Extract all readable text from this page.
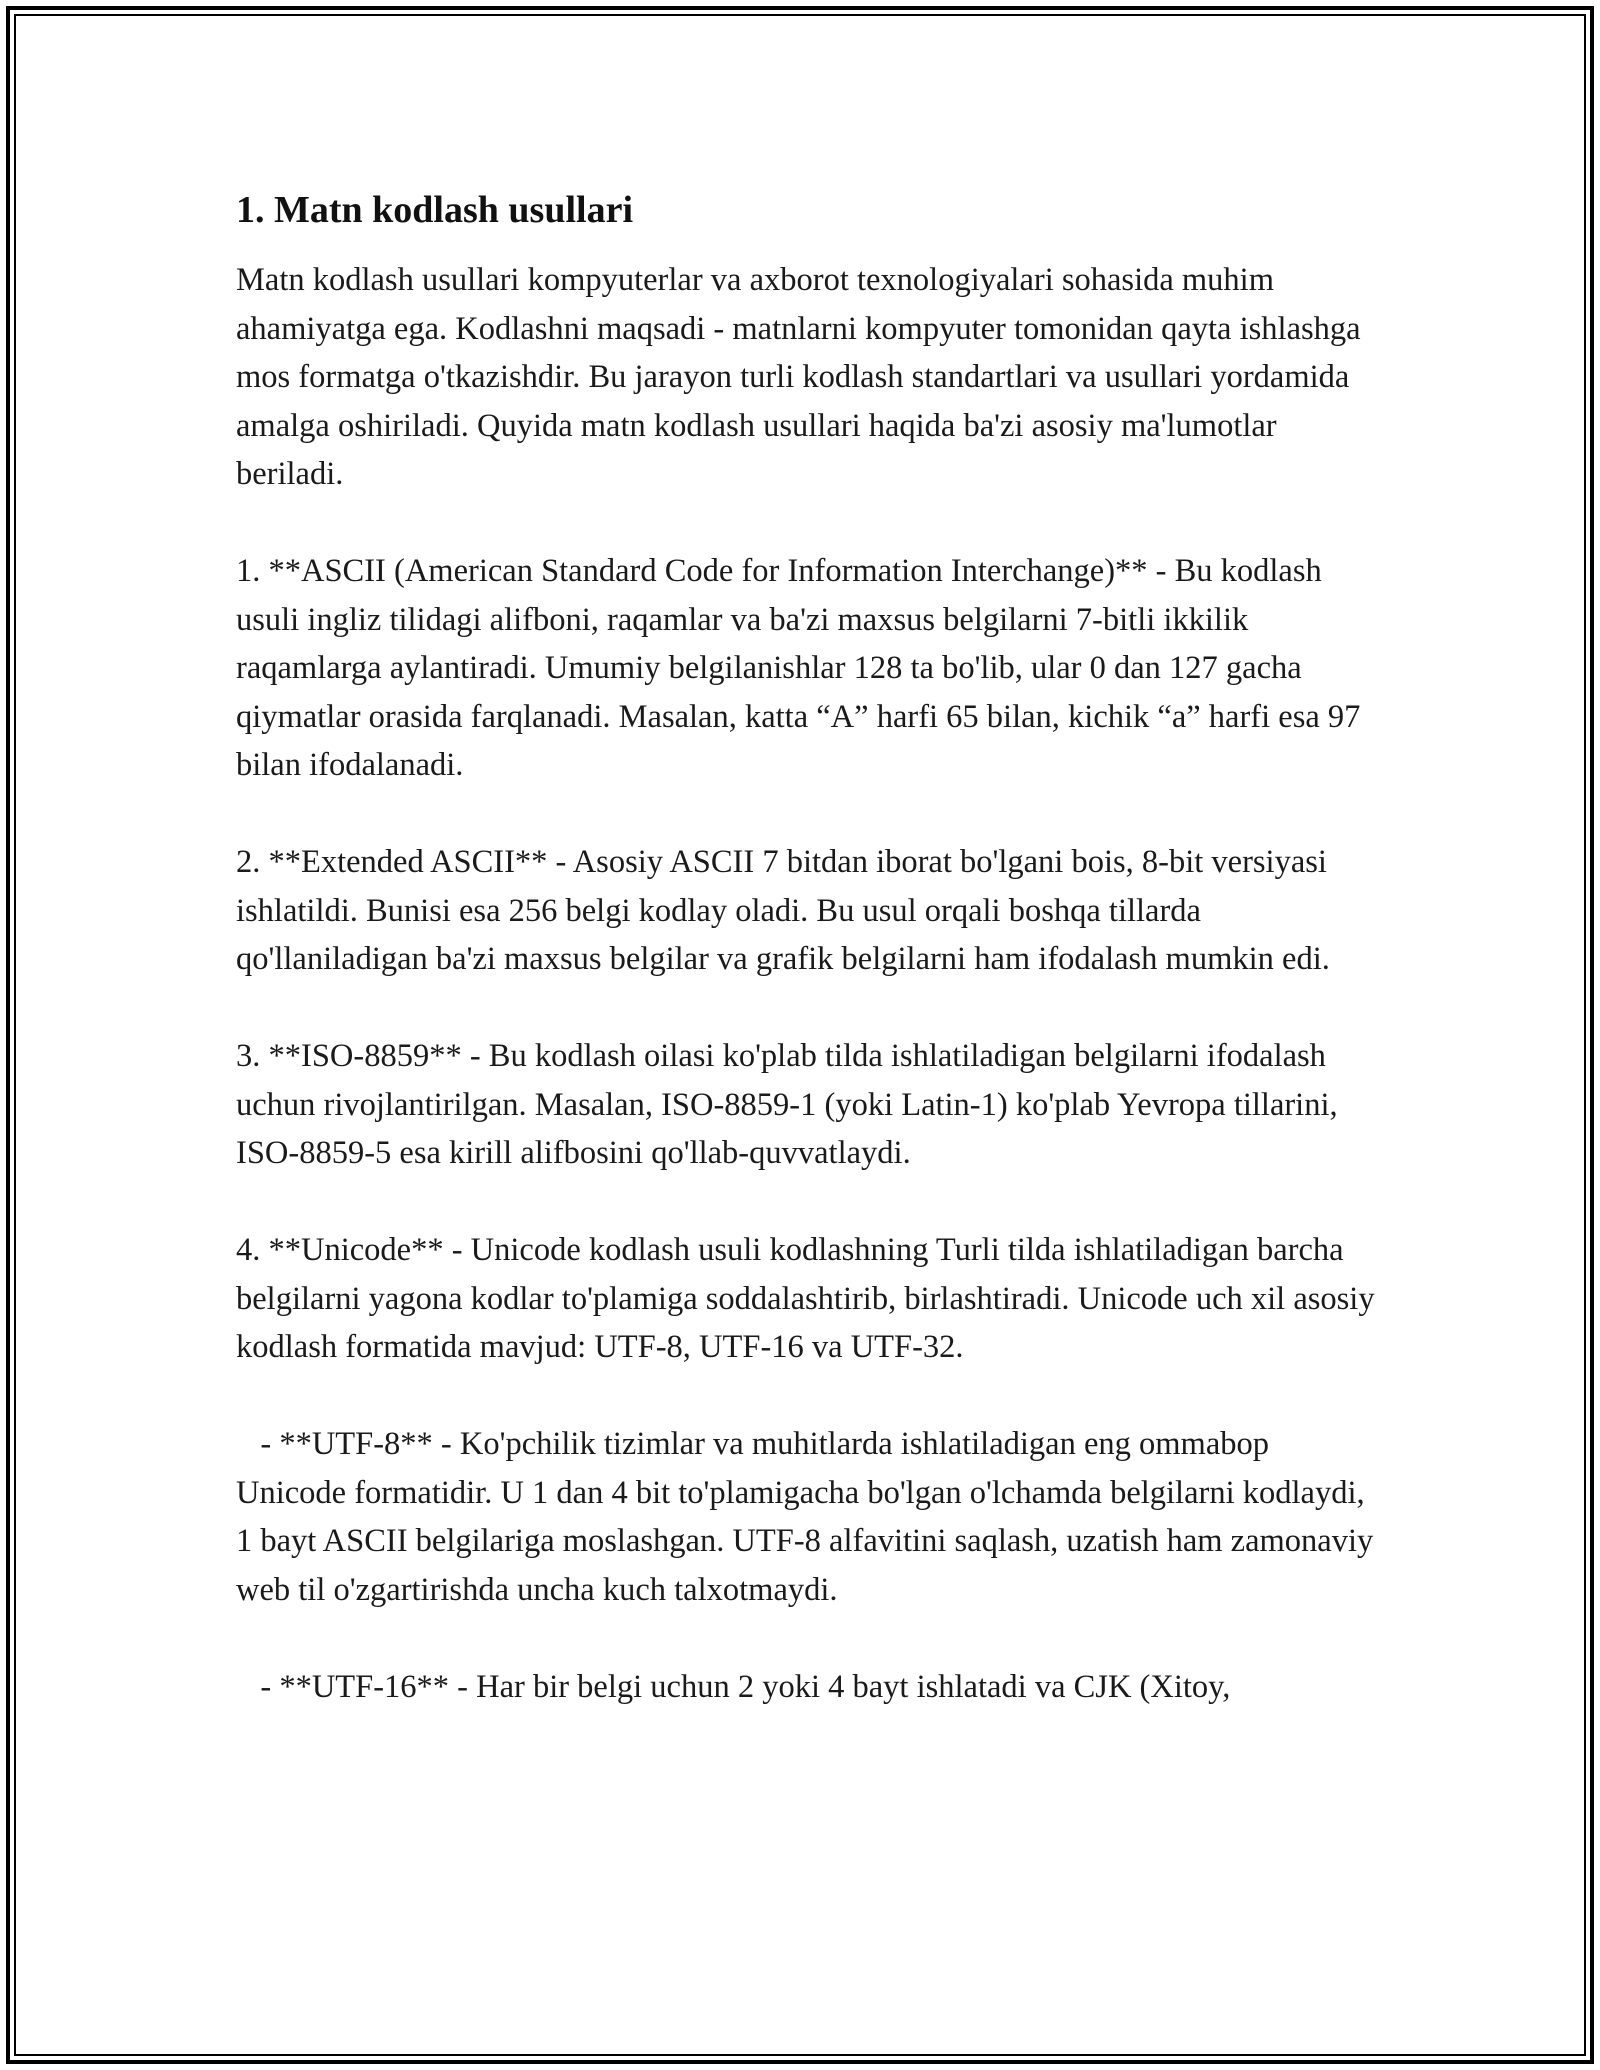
1. Matn kodlash usullari

Matn kodlash usullari kompyuterlar va axborot texnologiyalari sohasida muhim ahamiyatga ega. Kodlashni maqsadi - matnlarni kompyuter tomonidan qayta ishlashga mos formatga o'tkazishdir. Bu jarayon turli kodlash standartlari va usullari yordamida amalga oshiriladi. Quyida matn kodlash usullari haqida ba'zi asosiy ma'lumotlar beriladi.

1. **ASCII (American Standard Code for Information Interchange)** - Bu kodlash usuli ingliz tilidagi alifboni, raqamlar va ba'zi maxsus belgilarni 7-bitli ikkilik raqamlarga aylantiradi. Umumiy belgilanishlar 128 ta bo'lib, ular 0 dan 127 gacha qiymatlar orasida farqlanadi. Masalan, katta “A” harfi 65 bilan, kichik “a” harfi esa 97 bilan ifodalanadi.

2. **Extended ASCII** - Asosiy ASCII 7 bitdan iborat bo'lgani bois, 8-bit versiyasi ishlatildi. Bunisi esa 256 belgi kodlay oladi. Bu usul orqali boshqa tillarda qo'llaniladigan ba'zi maxsus belgilar va grafik belgilarni ham ifodalash mumkin edi.

3. **ISO-8859** - Bu kodlash oilasi ko'plab tilda ishlatiladigan belgilarni ifodalash uchun rivojlantirilgan. Masalan, ISO-8859-1 (yoki Latin-1) ko'plab Yevropa tillarini, ISO-8859-5 esa kirill alifbosini qo'llab-quvvatlaydi.

4. **Unicode** - Unicode kodlash usuli kodlashning Turli tilda ishlatiladigan barcha belgilarni yagona kodlar to'plamiga soddalashtirib, birlashtiradi. Unicode uch xil asosiy kodlash formatida mavjud: UTF-8, UTF-16 va UTF-32.

- **UTF-8** - Ko'pchilik tizimlar va muhitlarda ishlatiladigan eng ommabop Unicode formatidir. U 1 dan 4 bit to'plamigacha bo'lgan o'lchamda belgilarni kodlaydi, 1 bayt ASCII belgilariga moslashgan. UTF-8 alfavitini saqlash, uzatish ham zamonaviy web til o'zgartirishda uncha kuch talxotmaydi.

- **UTF-16** - Har bir belgi uchun 2 yoki 4 bayt ishlatadi va CJK (Xitoy,
